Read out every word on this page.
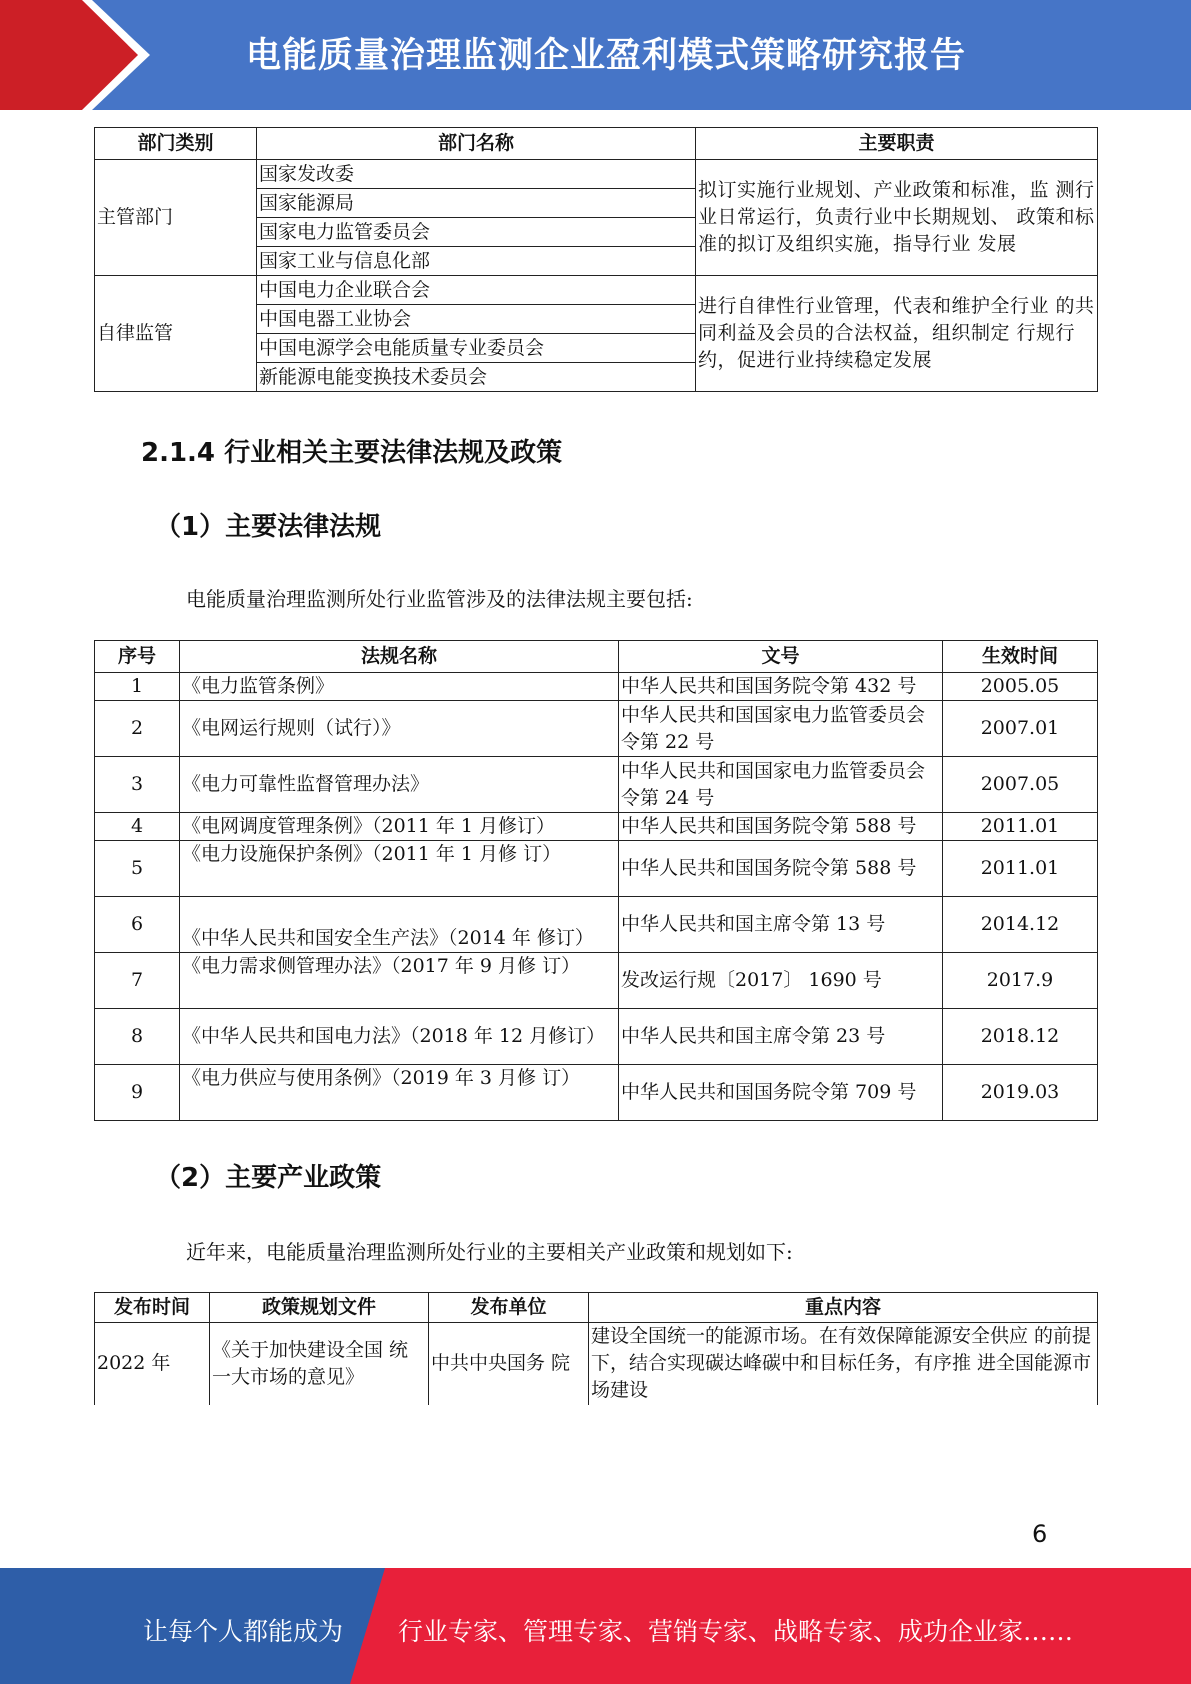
电能质量治理监测企业盈利模式策略研究报告
部门类别	部门名称	主要职责
主管部门	国家发改委	拟订实施行业规划、产业政策和标准，监 测行业日常运行，负责行业中长期规划、 政策和标准的拟订及组织实施，指导行业 发展
	国家能源局	
	国家电力监管委员会	
	国家工业与信息化部	
自律监管	中国电力企业联合会	进行自律性行业管理，代表和维护全行业 的共同利益及会员的合法权益，组织制定 行规行约，促进行业持续稳定发展
	中国电器工业协会	
	中国电源学会电能质量专业委员会	
	新能源电能变换技术委员会	
2.1.4 行业相关主要法律法规及政策
（1）主要法律法规
电能质量治理监测所处行业监管涉及的法律法规主要包括:
序号	法规名称	文号	生效时间
1	《电力监管条例》	中华人民共和国国务院令第 432 号	2005.05
2	《电网运行规则（试行）》	中华人民共和国国家电力监管委员会令第 22 号	2007.01
3	《电力可靠性监督管理办法》	中华人民共和国国家电力监管委员会令第 24 号	2007.05
4	《电网调度管理条例》（2011 年 1 月修订）	中华人民共和国国务院令第 588 号	2011.01
5	《电力设施保护条例》（2011 年 1 月修 订）	中华人民共和国国务院令第 588 号	2011.01
6	《中华人民共和国安全生产法》（2014 年 修订）	中华人民共和国主席令第 13 号	2014.12
7	《电力需求侧管理办法》（2017 年 9 月修 订）	发改运行规〔2017〕 1690 号	2017.9
8	《中华人民共和国电力法》（2018 年 12 月修订）	中华人民共和国主席令第 23 号	2018.12
9	《电力供应与使用条例》（2019 年 3 月修 订）	中华人民共和国国务院令第 709 号	2019.03
（2）主要产业政策
近年来，电能质量治理监测所处行业的主要相关产业政策和规划如下:
发布时间	政策规划文件	发布单位	重点内容
2022 年	《关于加快建设全国 统一大市场的意见》	中共中央国务 院	建设全国统一的能源市场。在有效保障能源安全供应 的前提下，结合实现碳达峰碳中和目标任务，有序推 进全国能源市场建设
6
让每个人都能成为 行业专家、管理专家、营销专家、战略专家、成功企业家……
